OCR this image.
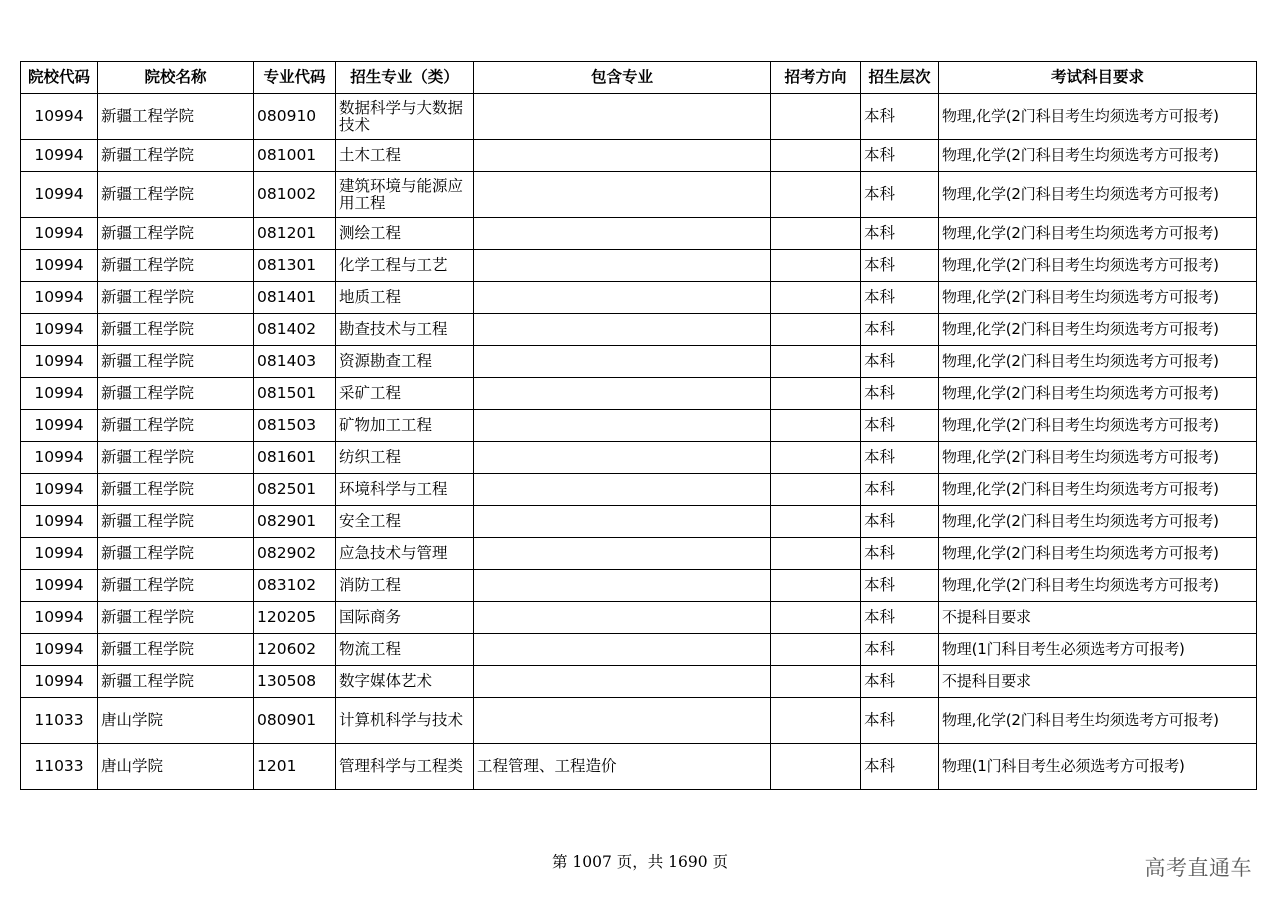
院校代码	院校名称	专业代码	招生专业（类）	包含专业	招考方向	招生层次	考试科目要求
10994	新疆工程学院	080910	数据科学与大数据技术			本科	物理,化学(2门科目考生均须选考方可报考)
10994	新疆工程学院	081001	土木工程			本科	物理,化学(2门科目考生均须选考方可报考)
10994	新疆工程学院	081002	建筑环境与能源应用工程			本科	物理,化学(2门科目考生均须选考方可报考)
10994	新疆工程学院	081201	测绘工程			本科	物理,化学(2门科目考生均须选考方可报考)
10994	新疆工程学院	081301	化学工程与工艺			本科	物理,化学(2门科目考生均须选考方可报考)
10994	新疆工程学院	081401	地质工程			本科	物理,化学(2门科目考生均须选考方可报考)
10994	新疆工程学院	081402	勘查技术与工程			本科	物理,化学(2门科目考生均须选考方可报考)
10994	新疆工程学院	081403	资源勘查工程			本科	物理,化学(2门科目考生均须选考方可报考)
10994	新疆工程学院	081501	采矿工程			本科	物理,化学(2门科目考生均须选考方可报考)
10994	新疆工程学院	081503	矿物加工工程			本科	物理,化学(2门科目考生均须选考方可报考)
10994	新疆工程学院	081601	纺织工程			本科	物理,化学(2门科目考生均须选考方可报考)
10994	新疆工程学院	082501	环境科学与工程			本科	物理,化学(2门科目考生均须选考方可报考)
10994	新疆工程学院	082901	安全工程			本科	物理,化学(2门科目考生均须选考方可报考)
10994	新疆工程学院	082902	应急技术与管理			本科	物理,化学(2门科目考生均须选考方可报考)
10994	新疆工程学院	083102	消防工程			本科	物理,化学(2门科目考生均须选考方可报考)
10994	新疆工程学院	120205	国际商务			本科	不提科目要求
10994	新疆工程学院	120602	物流工程			本科	物理(1门科目考生必须选考方可报考)
10994	新疆工程学院	130508	数字媒体艺术			本科	不提科目要求
11033	唐山学院	080901	计算机科学与技术			本科	物理,化学(2门科目考生均须选考方可报考)
11033	唐山学院	1201	管理科学与工程类	工程管理、工程造价		本科	物理(1门科目考生必须选考方可报考)
第 1007 页，共 1690 页	高考直通车
